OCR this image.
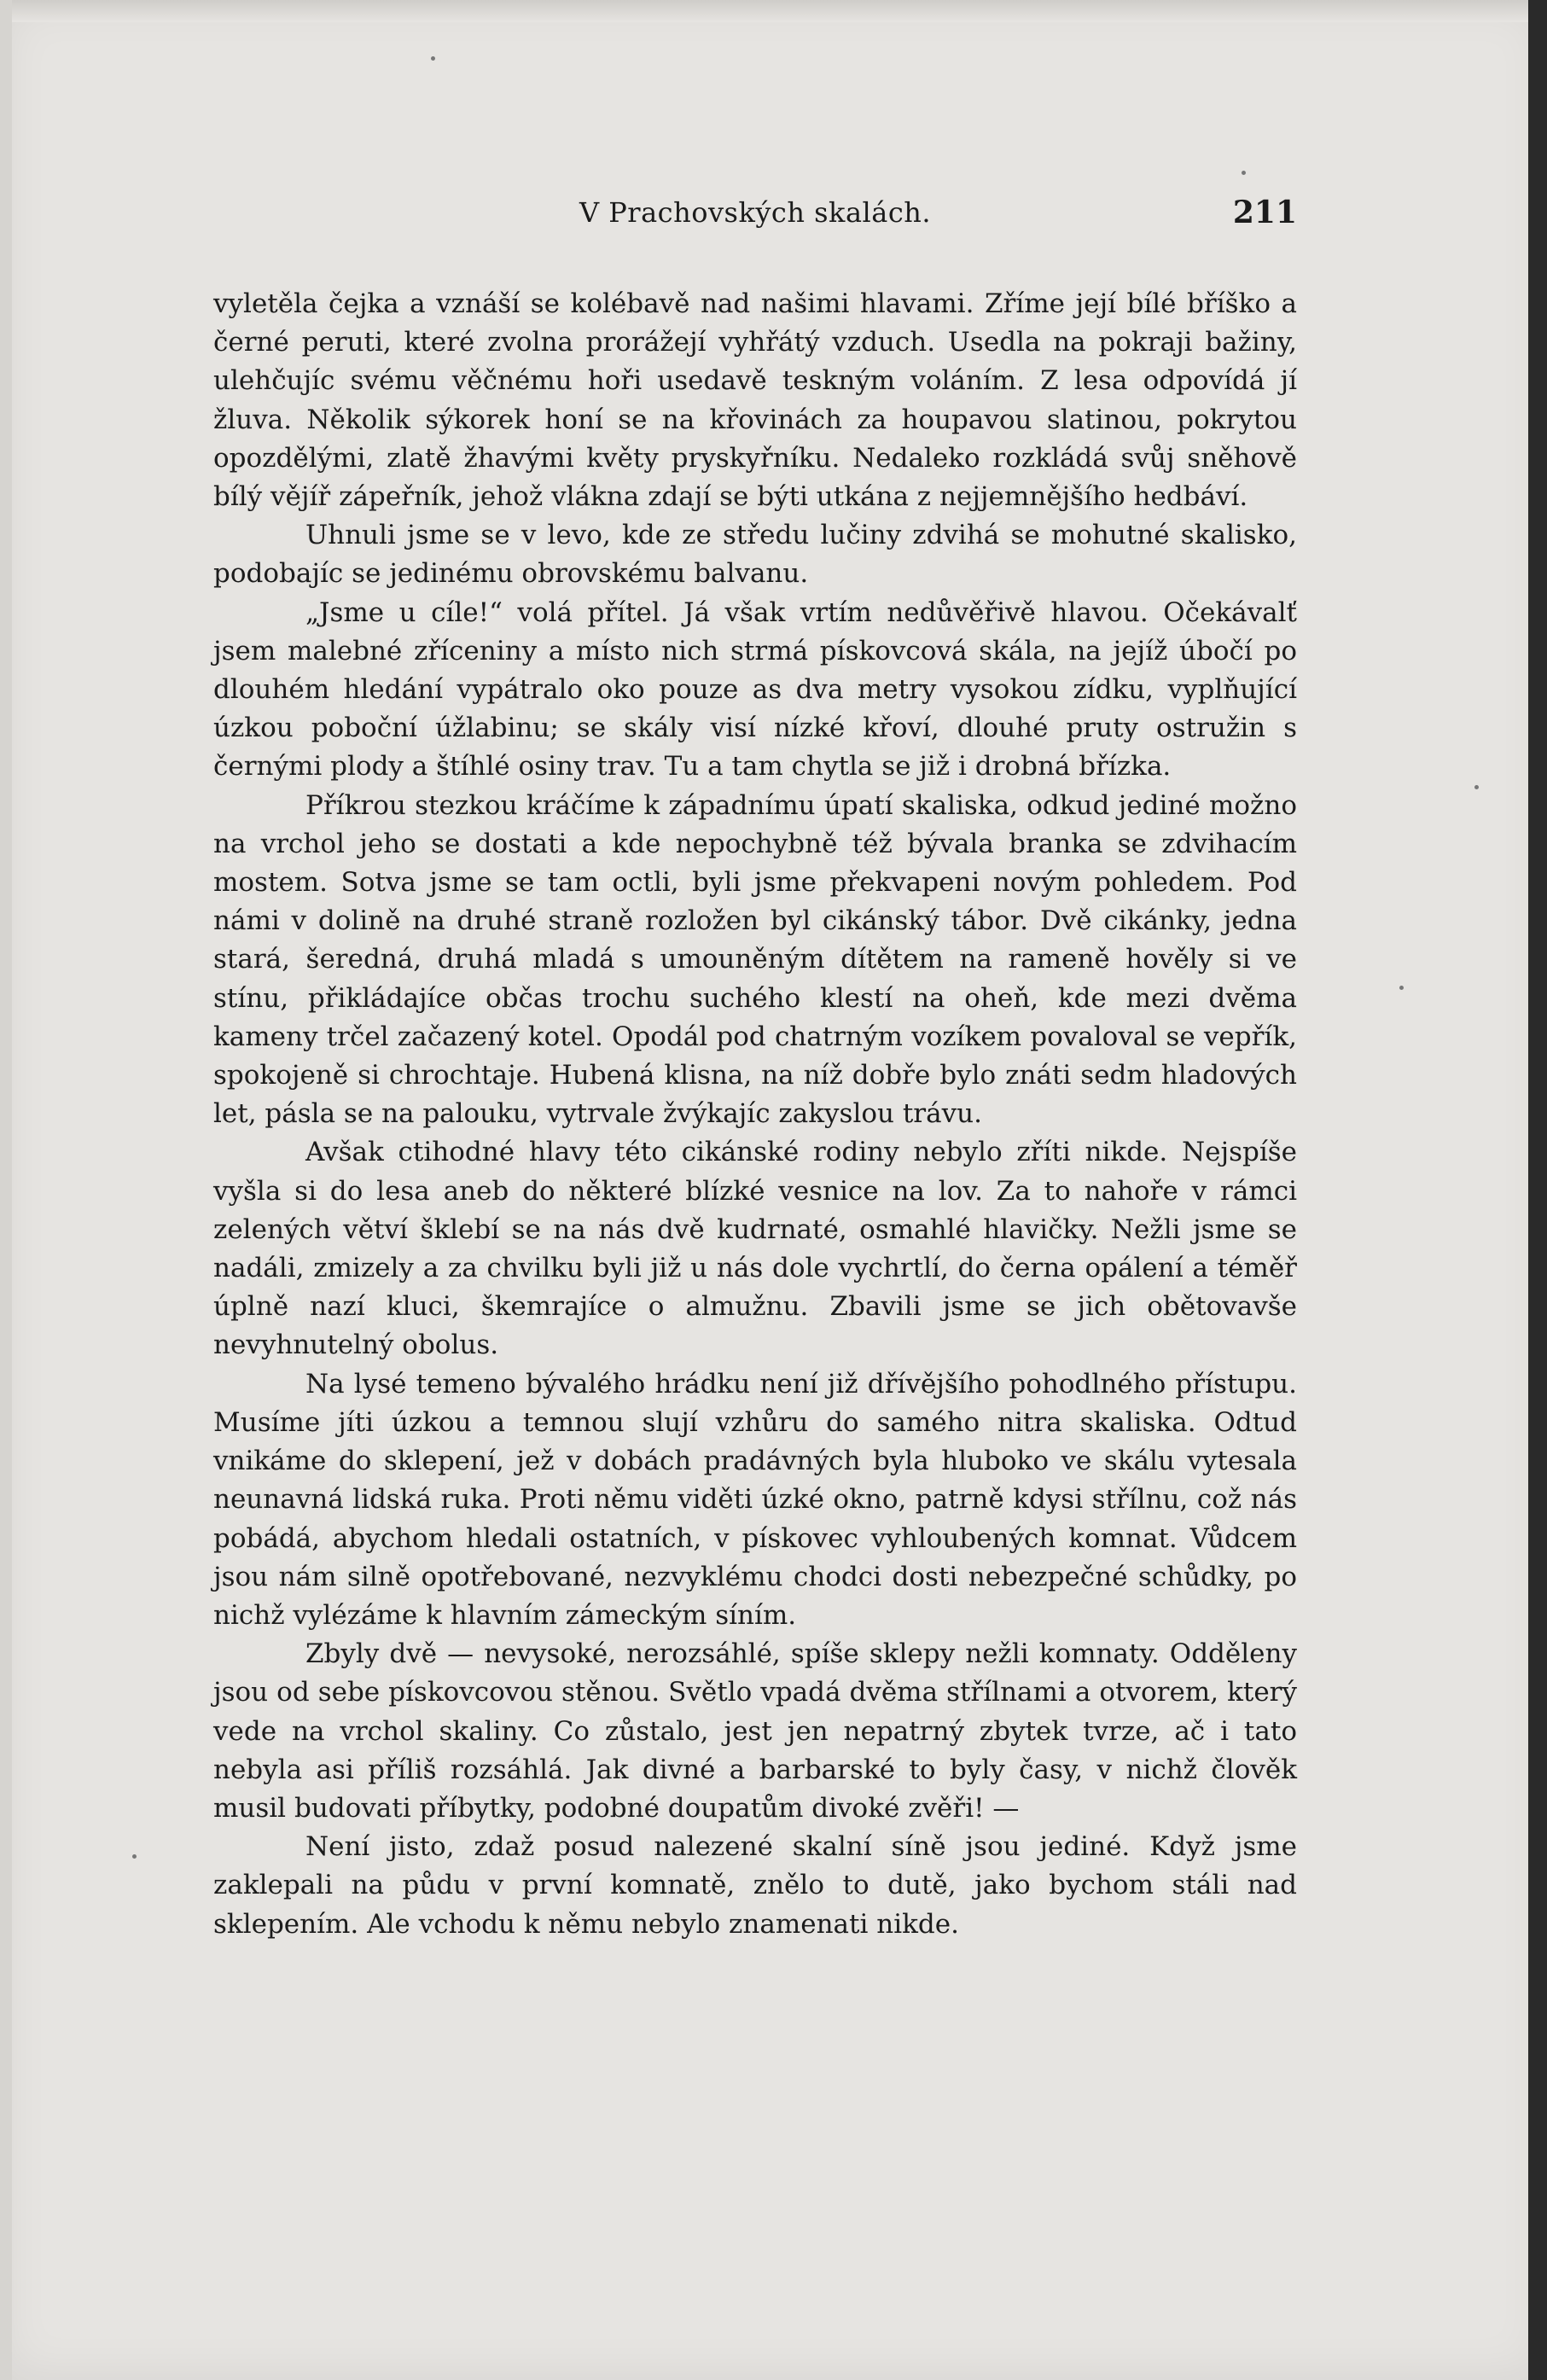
V Prachovských skalách.	211

vyletěla čejka a vznáší se kolébavě nad našimi hlavami. Zříme její bílé bříško a černé peruti, které zvolna prorážejí vyhřátý vzduch. Usedla na pokraji bažiny, ulehčujíc svému věčnému hoři usedavě teskným voláním. Z lesa odpovídá jí žluva. Několik sýkorek honí se na křovinách za houpavou slatinou, pokrytou opozdělými, zlatě žhavými květy pryskyřníku. Nedaleko rozkládá svůj sněhově bílý vějíř zápeřník, jehož vlákna zdají se býti utkána z nejjemnějšího hedbáví.

Uhnuli jsme se v levo, kde ze středu lučiny zdvihá se mohutné skalisko, podobajíc se jedinému obrovskému balvanu.

„Jsme u cíle!“ volá přítel. Já však vrtím nedůvěřivě hlavou. Očekávalť jsem malebné zříceniny a místo nich strmá pískovcová skála, na jejíž úbočí po dlouhém hledání vypátralo oko pouze as dva metry vysokou zídku, vyplňující úzkou poboční úžlabinu; se skály visí nízké křoví, dlouhé pruty ostružin s černými plody a štíhlé osiny trav. Tu a tam chytla se již i drobná břízka.

Příkrou stezkou kráčíme k západnímu úpatí skaliska, odkud jediné možno na vrchol jeho se dostati a kde nepochybně též bývala branka se zdvihacím mostem. Sotva jsme se tam octli, byli jsme překvapeni novým pohledem. Pod námi v dolině na druhé straně rozložen byl cikánský tábor. Dvě cikánky, jedna stará, šeredná, druhá mladá s umouněným dítětem na rameně hověly si ve stínu, přikládajíce občas trochu suchého klestí na oheň, kde mezi dvěma kameny trčel začazený kotel. Opodál pod chatrným vozíkem povaloval se vepřík, spokojeně si chrochtaje. Hubená klisna, na níž dobře bylo znáti sedm hladových let, pásla se na palouku, vytrvale žvýkajíc zakyslou trávu.

Avšak ctihodné hlavy této cikánské rodiny nebylo zříti nikde. Nejspíše vyšla si do lesa aneb do některé blízké vesnice na lov. Za to nahoře v rámci zelených větví šklebí se na nás dvě kudrnaté, osmahlé hlavičky. Nežli jsme se nadáli, zmizely a za chvilku byli již u nás dole vychrtlí, do černa opálení a téměř úplně nazí kluci, škemrajíce o almužnu. Zbavili jsme se jich obětovavše nevyhnutelný obolus.

Na lysé temeno bývalého hrádku není již dřívějšího pohodlného přístupu. Musíme jíti úzkou a temnou slují vzhůru do samého nitra skaliska. Odtud vnikáme do sklepení, jež v dobách pradávných byla hluboko ve skálu vytesala neunavná lidská ruka. Proti němu viděti úzké okno, patrně kdysi střílnu, což nás pobádá, abychom hledali ostatních, v pískovec vyhloubených komnat. Vůdcem jsou nám silně opotřebované, nezvyklému chodci dosti nebezpečné schůdky, po nichž vylézáme k hlavním zámeckým síním.

Zbyly dvě — nevysoké, nerozsáhlé, spíše sklepy nežli komnaty. Odděleny jsou od sebe pískovcovou stěnou. Světlo vpadá dvěma střílnami a otvorem, který vede na vrchol skaliny. Co zůstalo, jest jen nepatrný zbytek tvrze, ač i tato nebyla asi příliš rozsáhlá. Jak divné a barbarské to byly časy, v nichž člověk musil budovati příbytky, podobné doupatům divoké zvěři! —

Není jisto, zdaž posud nalezené skalní síně jsou jediné. Když jsme zaklepali na půdu v první komnatě, znělo to dutě, jako bychom stáli nad sklepením. Ale vchodu k němu nebylo znamenati nikde.
